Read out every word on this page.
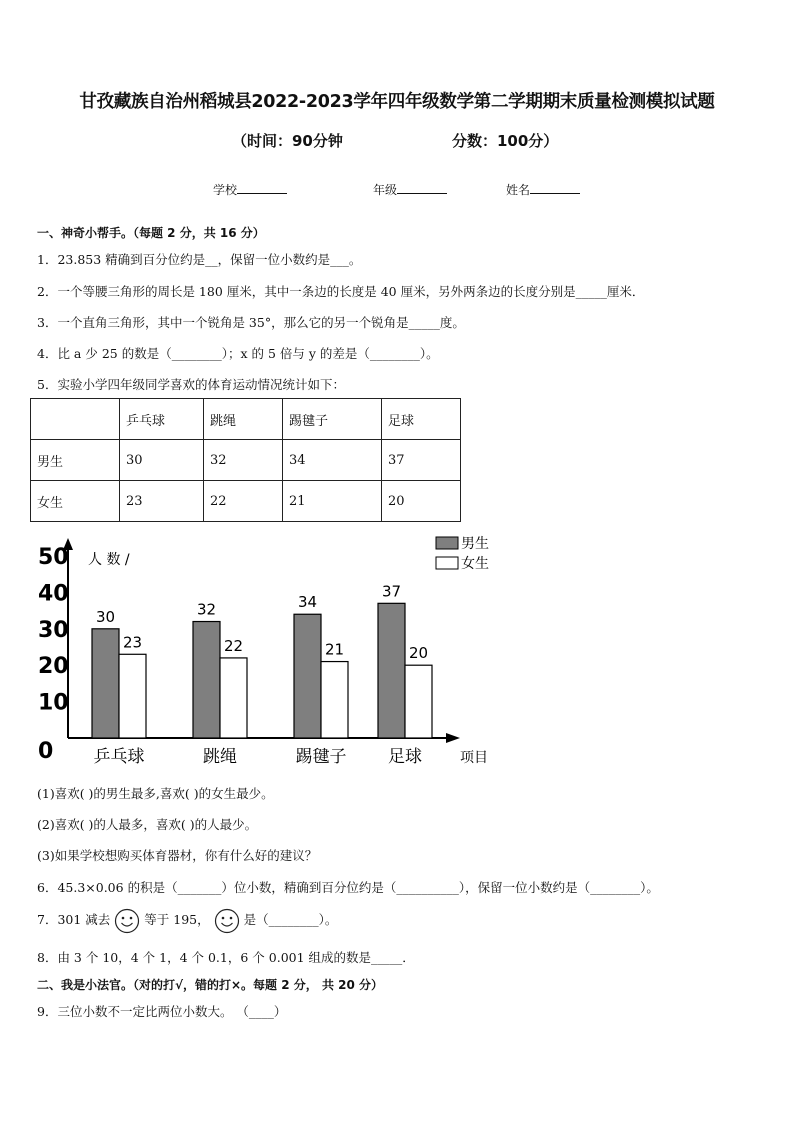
甘孜藏族自治州稻城县2022-2023学年四年级数学第二学期期末质量检测模拟试题
（时间：90分钟	分数：100分）
学校	年级	姓名
一、神奇小帮手。（每题 2 分，共 16 分）
1．23.853 精确到百分位约是__，保留一位小数约是___。
2．一个等腰三角形的周长是 180 厘米，其中一条边的长度是 40 厘米，另外两条边的长度分别是_____厘米．
3．一个直角三角形，其中一个锐角是 35°，那么它的另一个锐角是_____度。
4．比 a 少 25 的数是（________）；x 的 5 倍与 y 的差是（________）。
5．实验小学四年级同学喜欢的体育运动情况统计如下：
	乒乓球	跳绳	踢毽子	足球
男生	30	32	34	37
女生	23	22	21	20
0
10
20
30
40
50 人 数 /
项目
30
23
乒乓球
32
22
跳绳
34
21
踢毽子
37
20
足球
男生
女生
(1)喜欢( )的男生最多,喜欢( )的女生最少。
(2)喜欢( )的人最多，喜欢( )的人最少。
(3)如果学校想购买体育器材，你有什么好的建议？
6．45.3×0.06 的积是（_______）位小数，精确到百分位约是（__________），保留一位小数约是（________）。
7．301 减去	等于 195，	是（________）。
8．由 3 个 10，4 个 1，4 个 0.1，6 个 0.001 组成的数是_____．
二、我是小法官。（对的打√，错的打×。每题 2 分， 共 20 分）
9．三位小数不一定比两位小数大。 （____）
